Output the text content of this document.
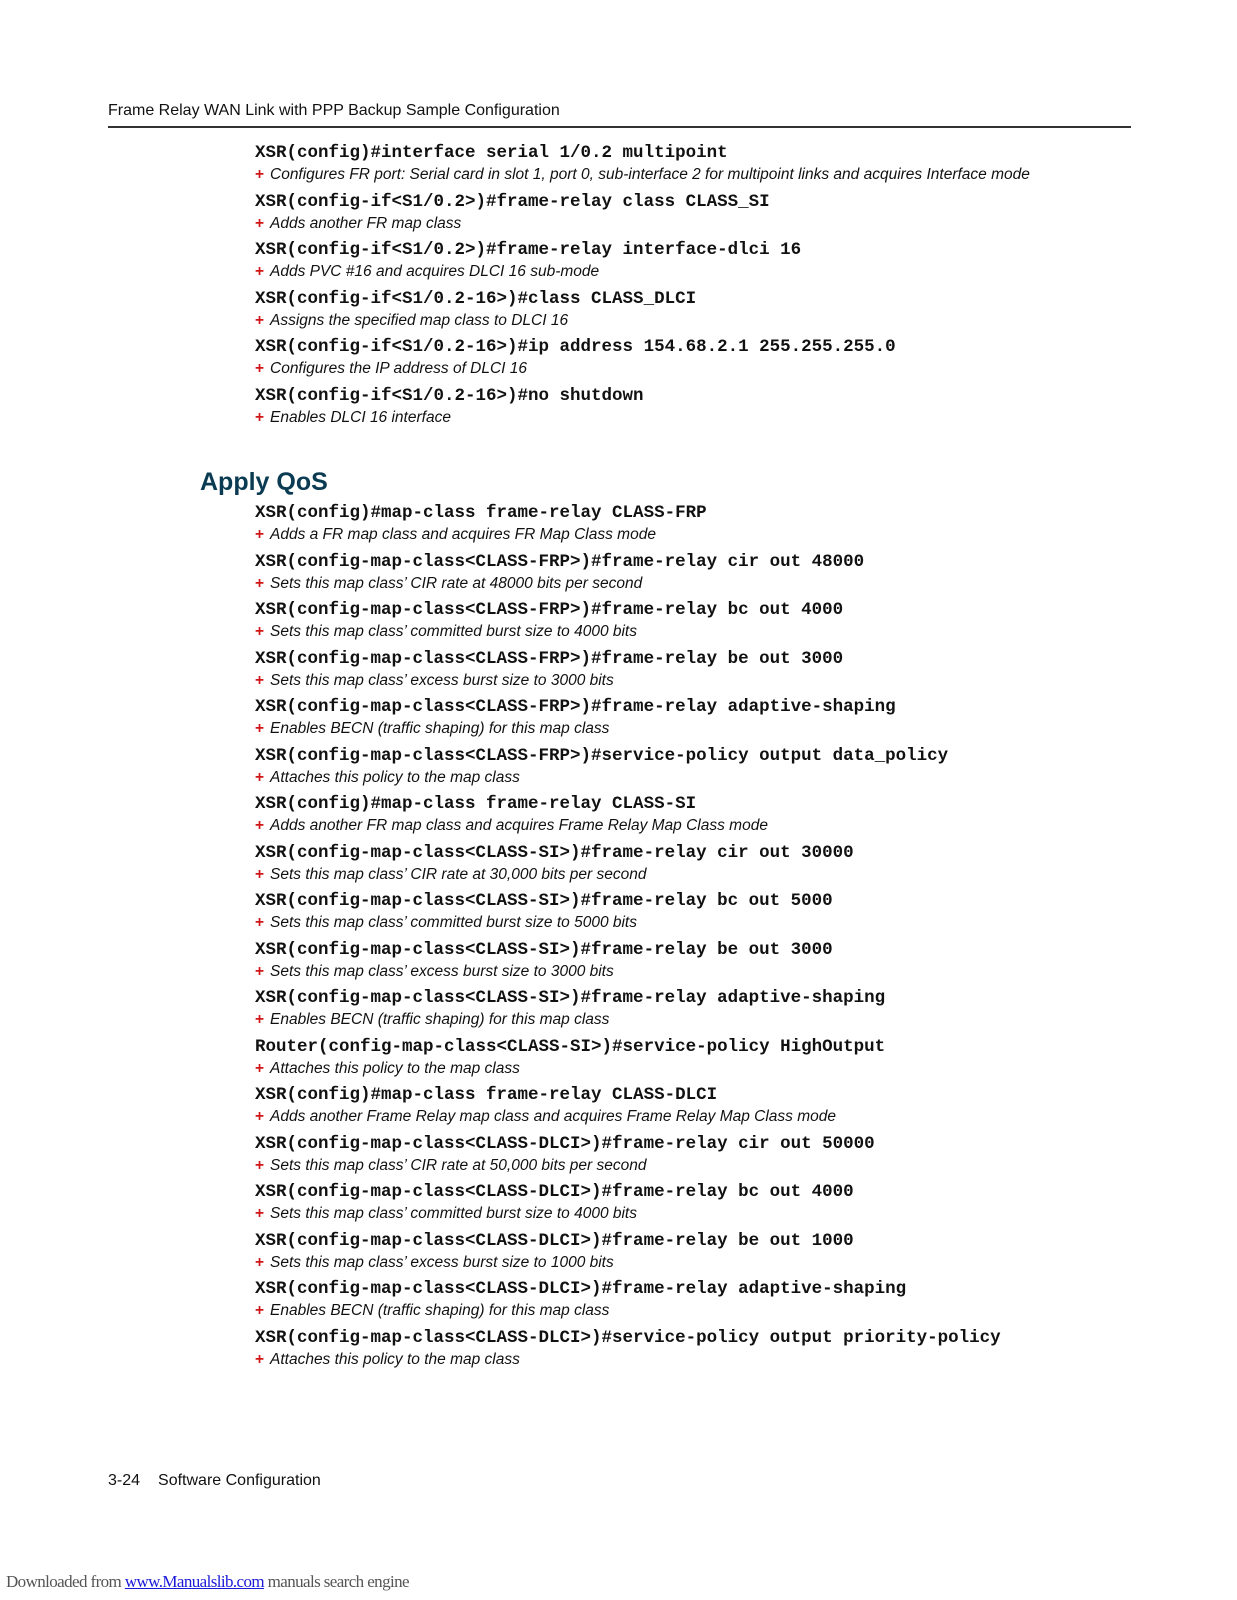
Frame Relay WAN Link with PPP Backup Sample Configuration
XSR(config)#interface serial 1/0.2 multipoint
+ Configures FR port: Serial card in slot 1, port 0, sub-interface 2 for multipoint links and acquires Interface mode
XSR(config-if<S1/0.2>)#frame-relay class CLASS_SI
+ Adds another FR map class
XSR(config-if<S1/0.2>)#frame-relay interface-dlci 16
+ Adds PVC #16 and acquires DLCI 16 sub-mode
XSR(config-if<S1/0.2-16>)#class CLASS_DLCI
+ Assigns the specified map class to DLCI 16
XSR(config-if<S1/0.2-16>)#ip address 154.68.2.1 255.255.255.0
+ Configures the IP address of DLCI 16
XSR(config-if<S1/0.2-16>)#no shutdown
+ Enables DLCI 16 interface
Apply QoS
XSR(config)#map-class frame-relay CLASS-FRP
+ Adds a FR map class and acquires FR Map Class mode
XSR(config-map-class<CLASS-FRP>)#frame-relay cir out 48000
+ Sets this map class’ CIR rate at 48000 bits per second
XSR(config-map-class<CLASS-FRP>)#frame-relay bc out 4000
+ Sets this map class’ committed burst size to 4000 bits
XSR(config-map-class<CLASS-FRP>)#frame-relay be out 3000
+ Sets this map class’ excess burst size to 3000 bits
XSR(config-map-class<CLASS-FRP>)#frame-relay adaptive-shaping
+ Enables BECN (traffic shaping) for this map class
XSR(config-map-class<CLASS-FRP>)#service-policy output data_policy
+ Attaches this policy to the map class
XSR(config)#map-class frame-relay CLASS-SI
+ Adds another FR map class and acquires Frame Relay Map Class mode
XSR(config-map-class<CLASS-SI>)#frame-relay cir out 30000
+ Sets this map class’ CIR rate at 30,000 bits per second
XSR(config-map-class<CLASS-SI>)#frame-relay bc out 5000
+ Sets this map class’ committed burst size to 5000 bits
XSR(config-map-class<CLASS-SI>)#frame-relay be out 3000
+ Sets this map class’ excess burst size to 3000 bits
XSR(config-map-class<CLASS-SI>)#frame-relay adaptive-shaping
+ Enables BECN (traffic shaping) for this map class
Router(config-map-class<CLASS-SI>)#service-policy HighOutput
+ Attaches this policy to the map class
XSR(config)#map-class frame-relay CLASS-DLCI
+ Adds another Frame Relay map class and acquires Frame Relay Map Class mode
XSR(config-map-class<CLASS-DLCI>)#frame-relay cir out 50000
+ Sets this map class’ CIR rate at 50,000 bits per second
XSR(config-map-class<CLASS-DLCI>)#frame-relay bc out 4000
+ Sets this map class’ committed burst size to 4000 bits
XSR(config-map-class<CLASS-DLCI>)#frame-relay be out 1000
+ Sets this map class’ excess burst size to 1000 bits
XSR(config-map-class<CLASS-DLCI>)#frame-relay adaptive-shaping
+ Enables BECN (traffic shaping) for this map class
XSR(config-map-class<CLASS-DLCI>)#service-policy output priority-policy
+ Attaches this policy to the map class
3-24 Software Configuration
Downloaded from www.Manualslib.com manuals search engine
